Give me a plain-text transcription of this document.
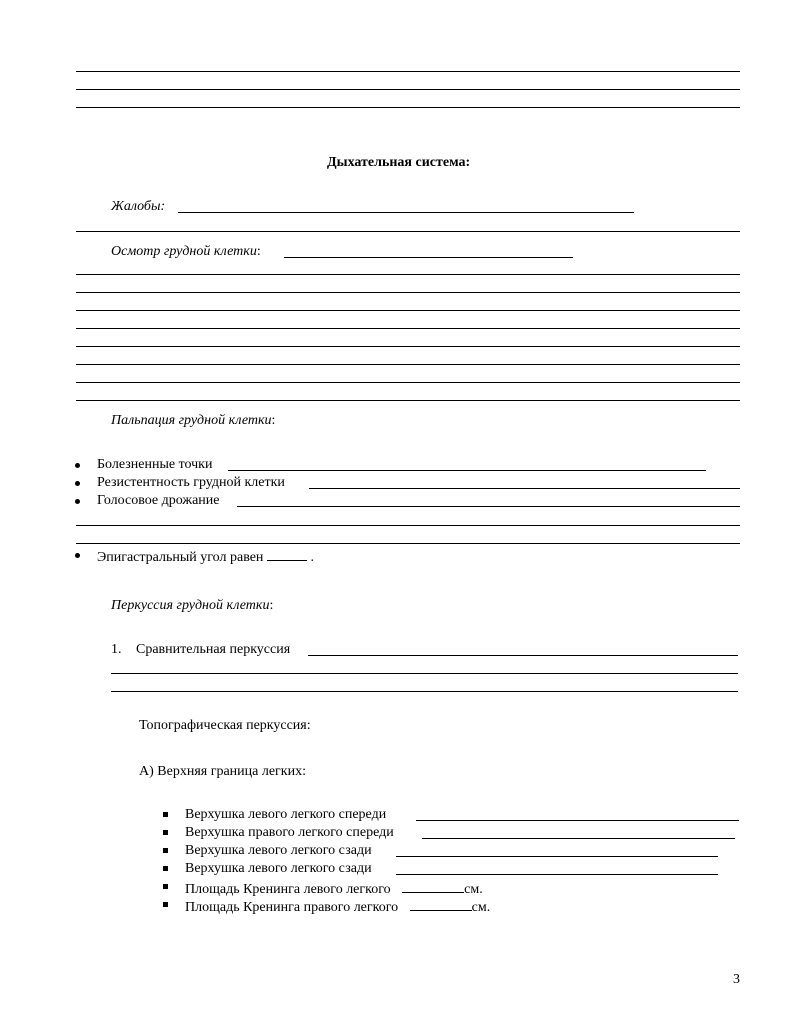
Дыхательная система:
Жалобы:
Осмотр грудной клетки:
Пальпация грудной клетки:
Болезненные точки
Резистентность грудной клетки
Голосовое дрожание
Эпигастральный угол равен	.
Перкуссия грудной клетки:
1. Сравнительная перкуссия
Топографическая перкуссия:
А) Верхняя граница легких:
Верхушка левого легкого спереди
Верхушка правого легкого спереди
Верхушка левого легкого сзади
Верхушка левого легкого сзади
Площадь Кренинга левого легкого	см.
Площадь Кренинга правого легкого	см.
3
